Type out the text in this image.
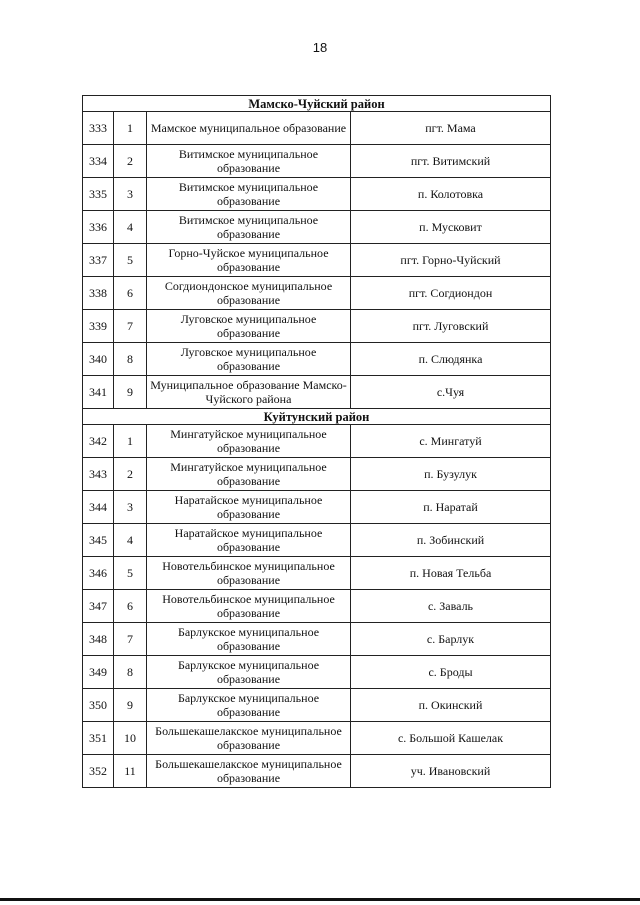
18
Мамско-Чуйский район			
333	1	Мамское муниципальное образование	пгт. Мама
334	2	Витимское муниципальное образование	пгт. Витимский
335	3	Витимское муниципальное образование	п. Колотовка
336	4	Витимское муниципальное образование	п. Мусковит
337	5	Горно-Чуйское муниципальное образование	пгт. Горно-Чуйский
338	6	Согдиондонское муниципальное образование	пгт. Согдиондон
339	7	Луговское муниципальное образование	пгт. Луговский
340	8	Луговское муниципальное образование	п. Слюдянка
341	9	Муниципальное образование Мамско-Чуйского района	с.Чуя
Куйтунский район			
342	1	Мингатуйское муниципальное образование	с. Мингатуй
343	2	Мингатуйское муниципальное образование	п. Бузулук
344	3	Наратайское муниципальное образование	п. Наратай
345	4	Наратайское муниципальное образование	п. Зобинский
346	5	Новотельбинское муниципальное образование	п. Новая Тельба
347	6	Новотельбинское муниципальное образование	с. Заваль
348	7	Барлукское муниципальное образование	с. Барлук
349	8	Барлукское муниципальное образование	с. Броды
350	9	Барлукское муниципальное образование	п. Окинский
351	10	Большекашелакское муниципальное образование	с. Большой Кашелак
352	11	Большекашелакское муниципальное образование	уч. Ивановский
